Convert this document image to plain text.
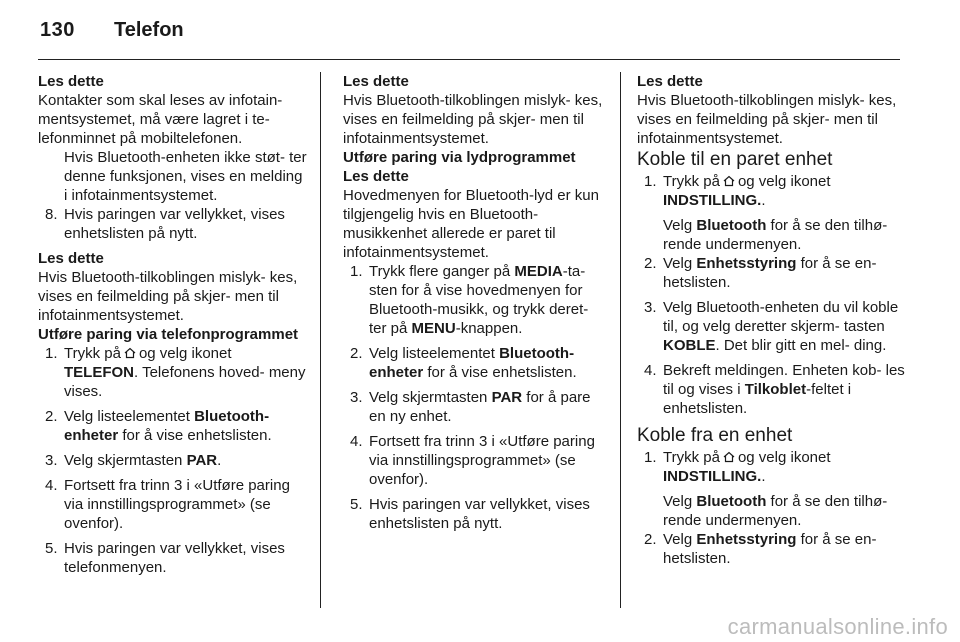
130 Telefon

Les dette
Kontakter som skal leses av infotain- mentsystemet, må være lagret i te- lefonminnet på mobiltelefonen.

Hvis Bluetooth-enheten ikke støt- ter denne funksjonen, vises en melding i infotainmentsystemet.

8. Hvis paringen var vellykket, vises enhetslisten på nytt.

Les dette
Hvis Bluetooth-tilkoblingen mislyk- kes, vises en feilmelding på skjer- men til infotainmentsystemet.

Utføre paring via telefonprogrammet

1. Trykk på og velg ikonet TELEFON. Telefonens hoved- meny vises.
2. Velg listeelementet Bluetooth- enheter for å vise enhetslisten.
3. Velg skjermtasten PAR.
4. Fortsett fra trinn 3 i «Utføre paring via innstillingsprogrammet» (se ovenfor).
5. Hvis paringen var vellykket, vises telefonmenyen.

Les dette
Hvis Bluetooth-tilkoblingen mislyk- kes, vises en feilmelding på skjer- men til infotainmentsystemet.

Utføre paring via lydprogrammet

Les dette
Hovedmenyen for Bluetooth-lyd er kun tilgjengelig hvis en Bluetooth- musikkenhet allerede er paret til infotainmentsystemet.

1. Trykk flere ganger på MEDIA-ta- sten for å vise hovedmenyen for Bluetooth-musikk, og trykk deret- ter på MENU-knappen.
2. Velg listeelementet Bluetooth- enheter for å vise enhetslisten.
3. Velg skjermtasten PAR for å pare en ny enhet.
4. Fortsett fra trinn 3 i «Utføre paring via innstillingsprogrammet» (se ovenfor).
5. Hvis paringen var vellykket, vises enhetslisten på nytt.

Les dette
Hvis Bluetooth-tilkoblingen mislyk- kes, vises en feilmelding på skjer- men til infotainmentsystemet.

Koble til en paret enhet

1. Trykk på og velg ikonet INDSTILLING..

Velg Bluetooth for å se den tilhø- rende undermenyen.

2. Velg Enhetsstyring for å se en- hetslisten.
3. Velg Bluetooth-enheten du vil koble til, og velg deretter skjerm- tasten KOBLE. Det blir gitt en mel- ding.
4. Bekreft meldingen. Enheten kob- les til og vises i Tilkoblet-feltet i enhetslisten.

Koble fra en enhet

1. Trykk på og velg ikonet INDSTILLING..

Velg Bluetooth for å se den tilhø- rende undermenyen.

2. Velg Enhetsstyring for å se en- hetslisten.
carmanualsonline.info
